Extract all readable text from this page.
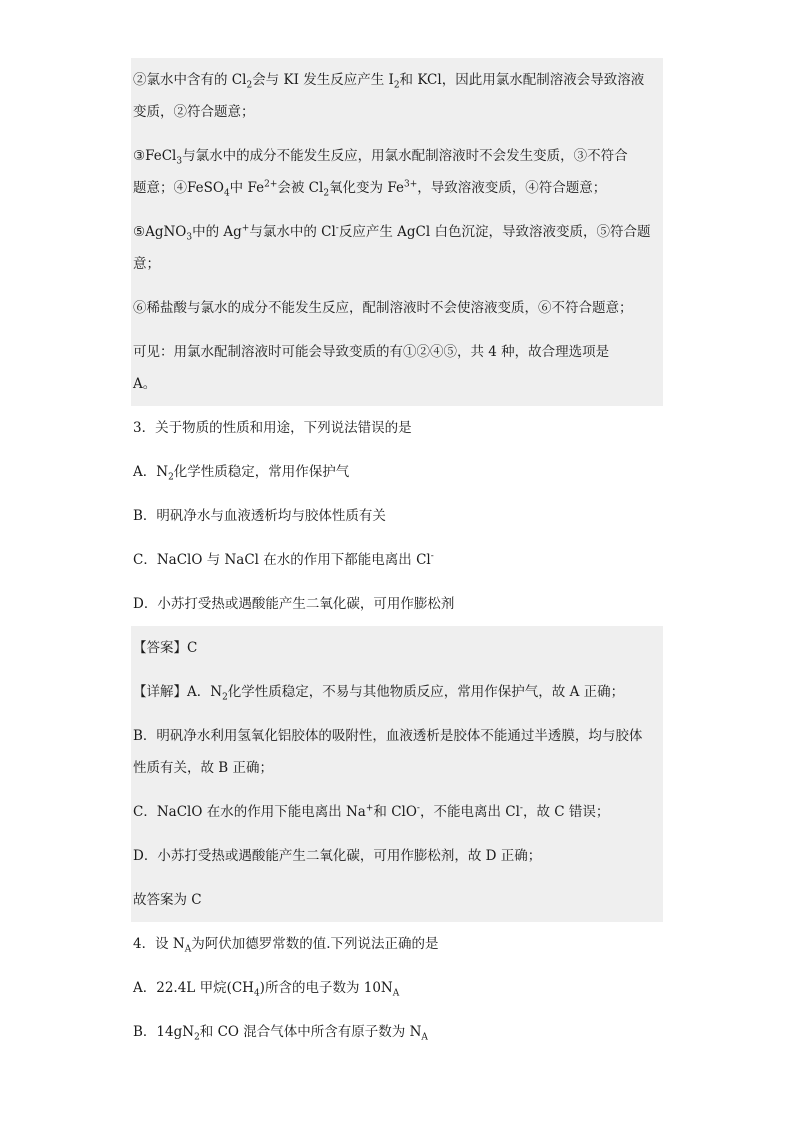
②氯水中含有的 $Cl_2$会与 KI 发生反应产生 $I_2$和 KCl，因此用氯水配制溶液会导致溶液
变质，②符合题意；

③FeCl$_3$与氯水中的成分不能发生反应，用氯水配制溶液时不会发生变质，③不符合
题意；④FeSO$_4$中 $Fe^{2+}$会被 $Cl_2$氧化变为 $Fe^{3+}$，导致溶液变质，④符合题意；

⑤AgNO$_3$中的 Ag+与氯水中的 Cl-反应产生 AgCl 白色沉淀，导致溶液变质，⑤符合题
意；

⑥稀盐酸与氯水的成分不能发生反应，配制溶液时不会使溶液变质，⑥不符合题意；

可见：用氯水配制溶液时可能会导致变质的有①②④⑤，共 4 种，故合理选项是
A。

3．关于物质的性质和用途，下列说法错误的是

A．$N_2$化学性质稳定，常用作保护气

B．明矾净水与血液透析均与胶体性质有关

C．NaClO 与 NaCl 在水的作用下都能电离出 Cl-

D．小苏打受热或遇酸能产生二氧化碳，可用作膨松剂

【答案】C

【详解】A．$N_2$化学性质稳定，不易与其他物质反应，常用作保护气，故 A 正确；

B．明矾净水利用氢氧化铝胶体的吸附性，血液透析是胶体不能通过半透膜，均与胶体
性质有关，故 B 正确；

C．NaClO 在水的作用下能电离出 Na+和 ClO-，不能电离出 Cl-，故 C 错误；

D．小苏打受热或遇酸能产生二氧化碳，可用作膨松剂，故 D 正确；

故答案为 C

4．设 $N_A$为阿伏加德罗常数的值.下列说法正确的是

A．22.4L 甲烷$(CH_4)$所含的电子数为 $10N_A$

B．$14gN_2$和 CO 混合气体中所含有原子数为 $N_A$
